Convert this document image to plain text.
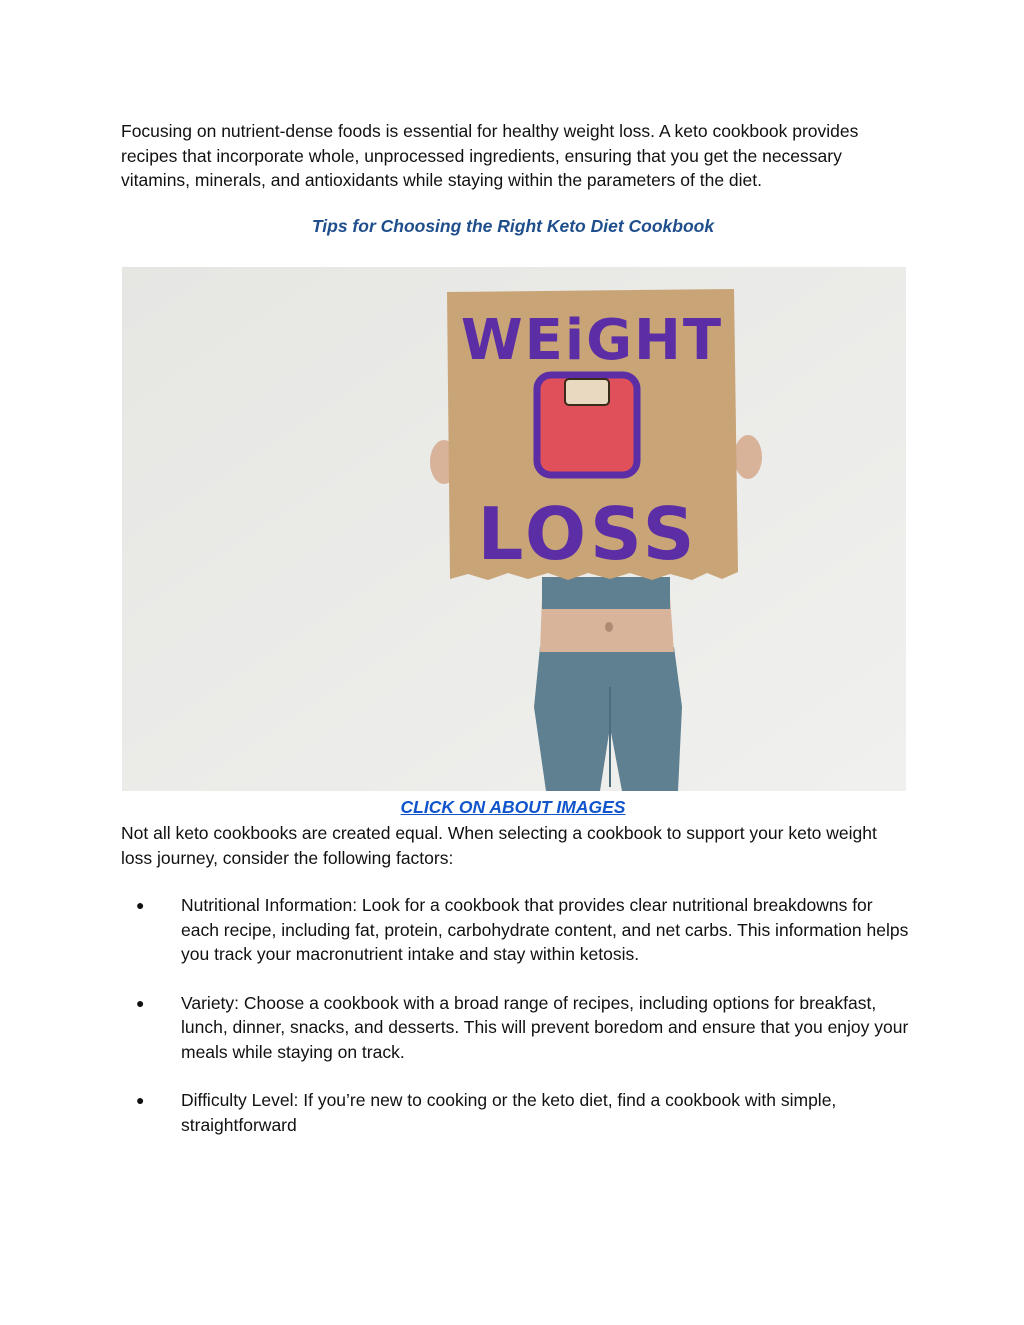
Focusing on nutrient-dense foods is essential for healthy weight loss. A keto cookbook provides recipes that incorporate whole, unprocessed ingredients, ensuring that you get the necessary vitamins, minerals, and antioxidants while staying within the parameters of the diet.

Tips for Choosing the Right Keto Diet Cookbook

WEiGHT
LOSS
CLICK ON ABOUT IMAGES

Not all keto cookbooks are created equal. When selecting a cookbook to support your keto weight loss journey, consider the following factors:

● Nutritional Information: Look for a cookbook that provides clear nutritional breakdowns for each recipe, including fat, protein, carbohydrate content, and net carbs. This information helps you track your macronutrient intake and stay within ketosis.
● Variety: Choose a cookbook with a broad range of recipes, including options for breakfast, lunch, dinner, snacks, and desserts. This will prevent boredom and ensure that you enjoy your meals while staying on track.
● Difficulty Level: If you’re new to cooking or the keto diet, find a cookbook with simple, straightforward
